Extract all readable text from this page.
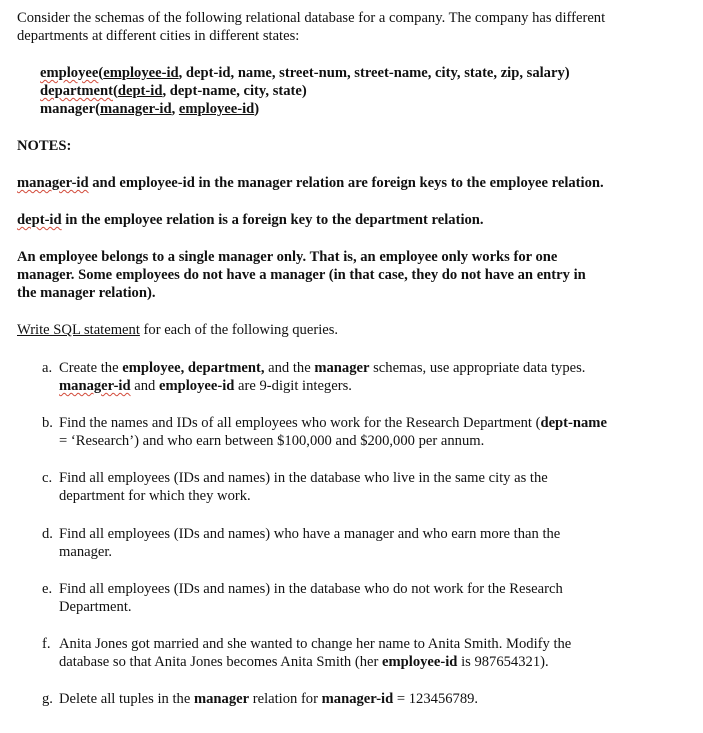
Consider the schemas of the following relational database for a company. The company has different
departments at different cities in different states:
employee(employee-id, dept-id, name, street-num, street-name, city, state, zip, salary)
department(dept-id, dept-name, city, state)
manager(manager-id, employee-id)
NOTES:
manager-id and employee-id in the manager relation are foreign keys to the employee relation.
dept-id in the employee relation is a foreign key to the department relation.
An employee belongs to a single manager only. That is, an employee only works for one
manager. Some employees do not have a manager (in that case, they do not have an entry in
the manager relation).
Write SQL statement for each of the following queries.
a. Create the employee, department, and the manager schemas, use appropriate data types.
manager-id and employee-id are 9-digit integers.
b. Find the names and IDs of all employees who work for the Research Department (dept-name
= ‘Research’) and who earn between $100,000 and $200,000 per annum.
c. Find all employees (IDs and names) in the database who live in the same city as the
department for which they work.
d. Find all employees (IDs and names) who have a manager and who earn more than the
manager.
e. Find all employees (IDs and names) in the database who do not work for the Research
Department.
f. Anita Jones got married and she wanted to change her name to Anita Smith. Modify the
database so that Anita Jones becomes Anita Smith (her employee-id is 987654321).
g. Delete all tuples in the manager relation for manager-id = 123456789.
